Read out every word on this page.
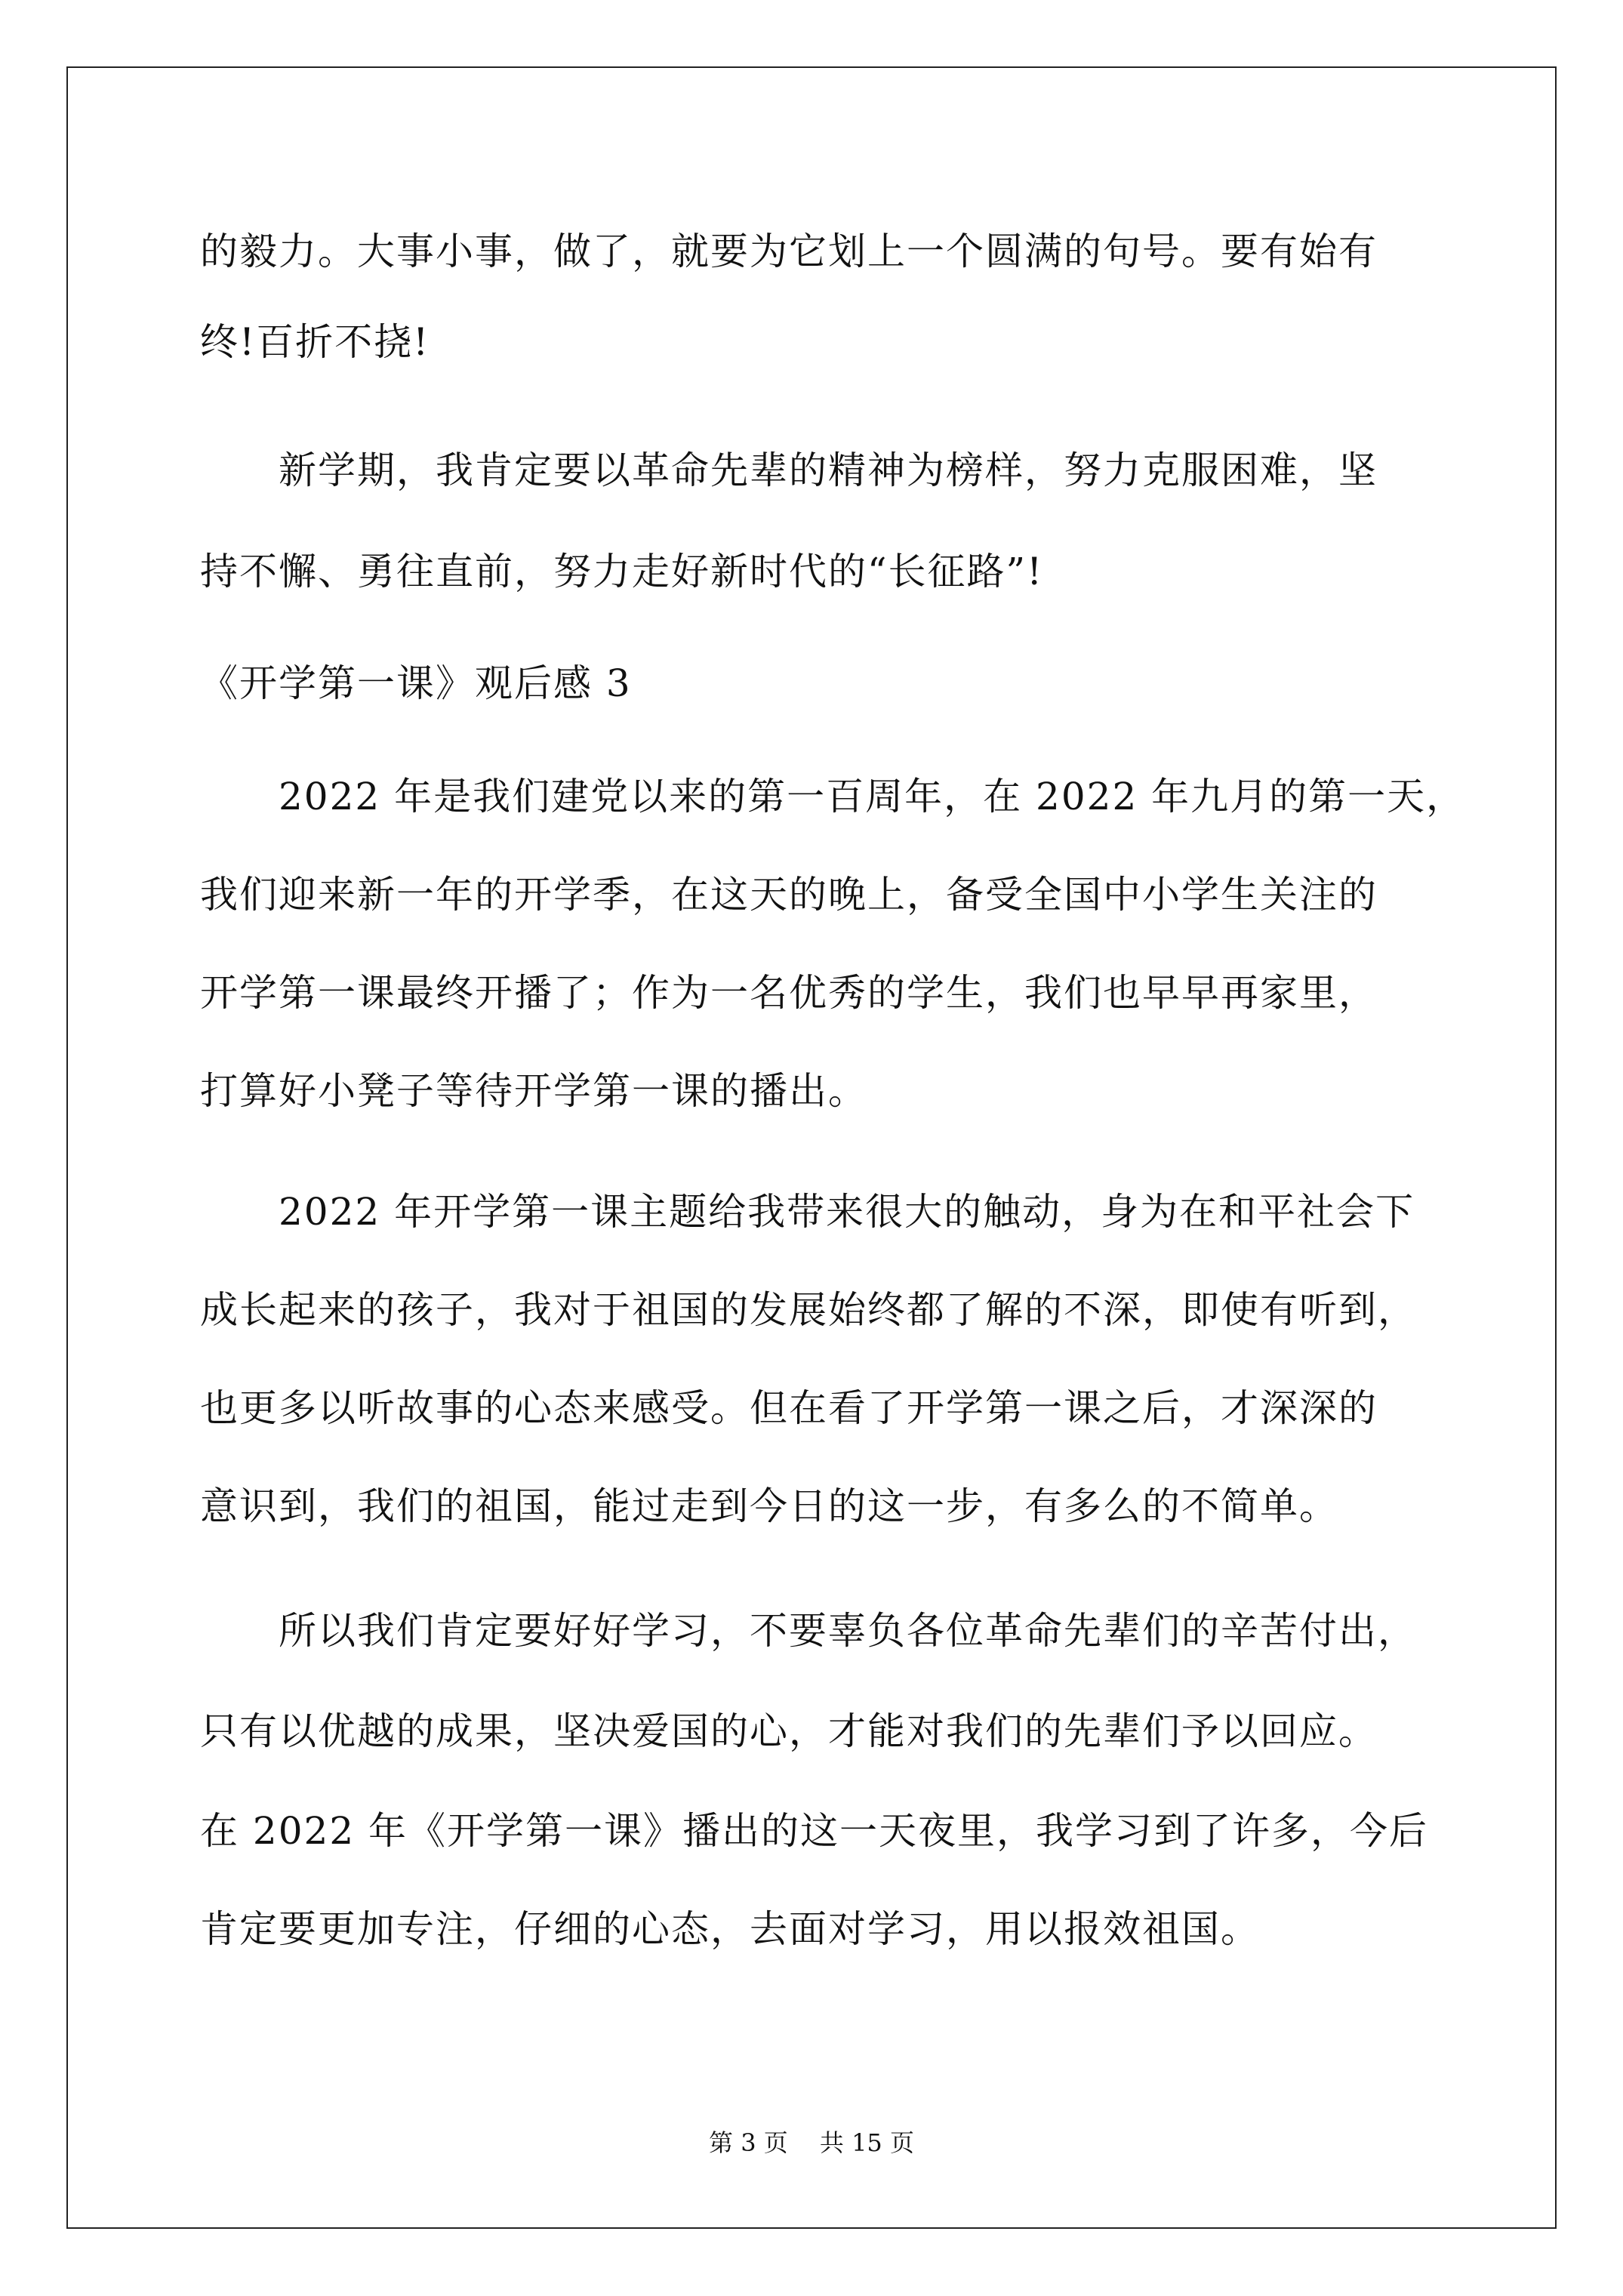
的毅力。大事小事，做了，就要为它划上一个圆满的句号。要有始有
终!百折不挠!
　　新学期，我肯定要以革命先辈的精神为榜样，努力克服困难，坚
持不懈、勇往直前，努力走好新时代的“长征路”!
《开学第一课》观后感 3
　　2022 年是我们建党以来的第一百周年，在 2022 年九月的第一天，
我们迎来新一年的开学季，在这天的晚上，备受全国中小学生关注的
开学第一课最终开播了；作为一名优秀的学生，我们也早早再家里，
打算好小凳子等待开学第一课的播出。
　　2022 年开学第一课主题给我带来很大的触动，身为在和平社会下
成长起来的孩子，我对于祖国的发展始终都了解的不深，即使有听到，
也更多以听故事的心态来感受。但在看了开学第一课之后，才深深的
意识到，我们的祖国，能过走到今日的这一步，有多么的不简单。
　　所以我们肯定要好好学习，不要辜负各位革命先辈们的辛苦付出，
只有以优越的成果，坚决爱国的心，才能对我们的先辈们予以回应。
在 2022 年《开学第一课》播出的这一天夜里，我学习到了许多，今后
肯定要更加专注，仔细的心态，去面对学习，用以报效祖国。
第 3 页　 共 15 页
